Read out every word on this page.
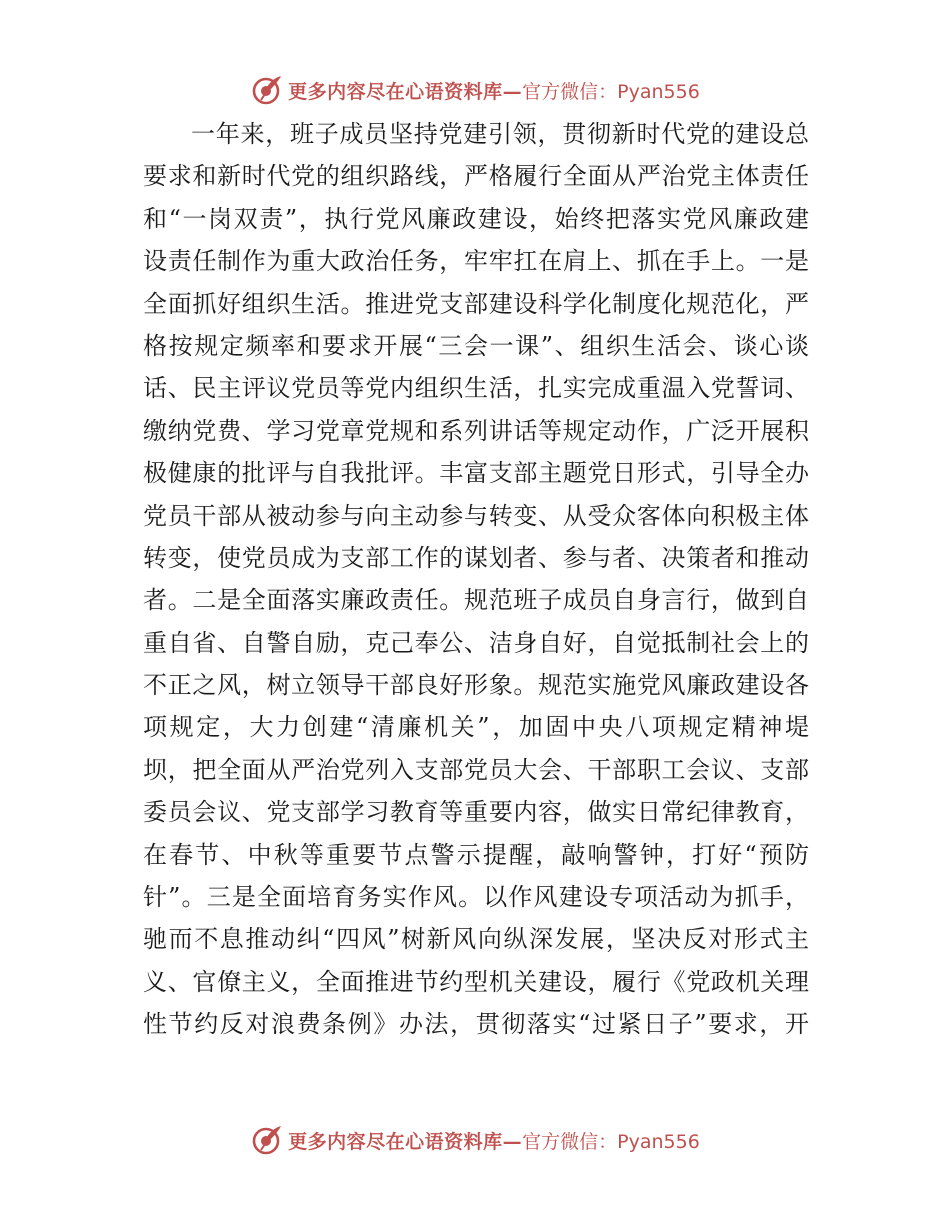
更多内容尽在心语资料库— 官方微信：Pyan556
一年来，班子成员坚持党建引领，贯彻新时代党的建设总
要求和新时代党的组织路线，严格履行全面从严治党主体责任
和“一岗双责”，执行党风廉政建设，始终把落实党风廉政建
设责任制作为重大政治任务，牢牢扛在肩上、抓在手上。一是
全面抓好组织生活。推进党支部建设科学化制度化规范化，严
格按规定频率和要求开展“三会一课”、组织生活会、谈心谈
话、民主评议党员等党内组织生活，扎实完成重温入党誓词、
缴纳党费、学习党章党规和系列讲话等规定动作，广泛开展积
极健康的批评与自我批评。丰富支部主题党日形式，引导全办
党员干部从被动参与向主动参与转变、从受众客体向积极主体
转变，使党员成为支部工作的谋划者、参与者、决策者和推动
者。二是全面落实廉政责任。规范班子成员自身言行，做到自
重自省、自警自励，克己奉公、洁身自好，自觉抵制社会上的
不正之风，树立领导干部良好形象。规范实施党风廉政建设各
项规定，大力创建“清廉机关”，加固中央八项规定精神堤
坝，把全面从严治党列入支部党员大会、干部职工会议、支部
委员会议、党支部学习教育等重要内容，做实日常纪律教育，
在春节、中秋等重要节点警示提醒，敲响警钟，打好“预防
针”。三是全面培育务实作风。以作风建设专项活动为抓手，
驰而不息推动纠“四风”树新风向纵深发展，坚决反对形式主
义、官僚主义，全面推进节约型机关建设，履行《党政机关理
性节约反对浪费条例》办法，贯彻落实“过紧日子”要求，开
更多内容尽在心语资料库— 官方微信：Pyan556
